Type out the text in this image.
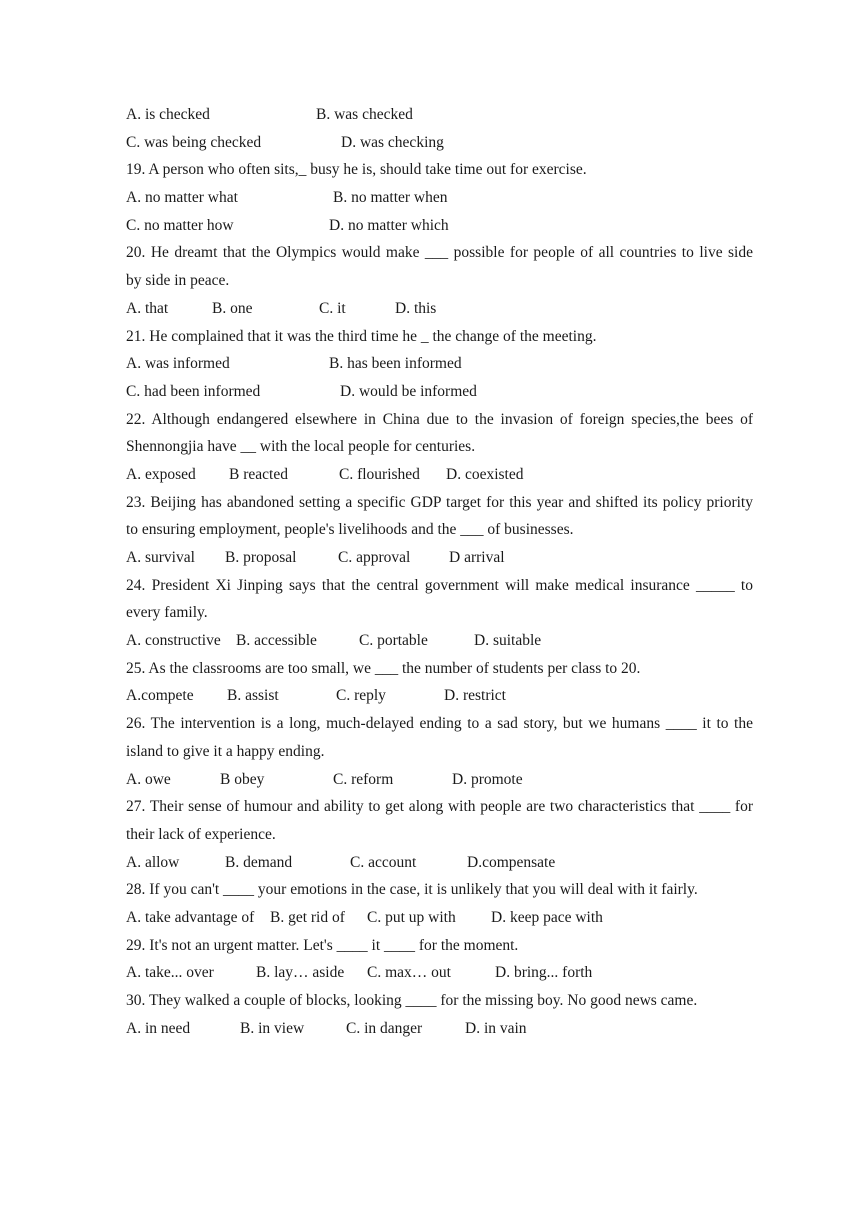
A. is checked	B. was checked
C. was being checked	D. was checking
19. A person who often sits,_ busy he is, should take time out for exercise.
A. no matter what	B. no matter when
C. no matter how	D. no matter which
20. He dreamt that the Olympics would make ___ possible for people of all countries to live side
by side in peace.
A. that	B. one	C. it	D. this
21. He complained that it was the third time he _ the change of the meeting.
A. was informed	B. has been informed
C. had been informed	D. would be informed
22. Although endangered elsewhere in China due to the invasion of foreign species,the bees of
Shennongjia have __ with the local people for centuries.
A. exposed B reacted	C. flourished D. coexisted
23. Beijing has abandoned setting a specific GDP target for this year and shifted its policy priority
to ensuring employment, people's livelihoods and the ___ of businesses.
A. survival B. proposal	C. approval D arrival
24. President Xi Jinping says that the central government will make medical insurance _____ to
every family.
A. constructive B. accessible	C. portable	D. suitable
25. As the classrooms are too small, we ___ the number of students per class to 20.
A.compete B. assist	C. reply	D. restrict
26. The intervention is a long, much-delayed ending to a sad story, but we humans ____ it to the
island to give it a happy ending.
A. owe	B obey	C. reform	D. promote
27. Their sense of humour and ability to get along with people are two characteristics that ____ for
their lack of experience.
A. allow	B. demand	C. account	D.compensate
28. If you can't ____ your emotions in the case, it is unlikely that you will deal with it fairly.
A. take advantage of B. get rid of C. put up with D. keep pace with
29. It's not an urgent matter. Let's ____ it ____ for the moment.
A. take... over	B. lay… aside C. max… out	D. bring... forth
30. They walked a couple of blocks, looking ____ for the missing boy. No good news came.
A. in need	B. in view	C. in danger	D. in vain
